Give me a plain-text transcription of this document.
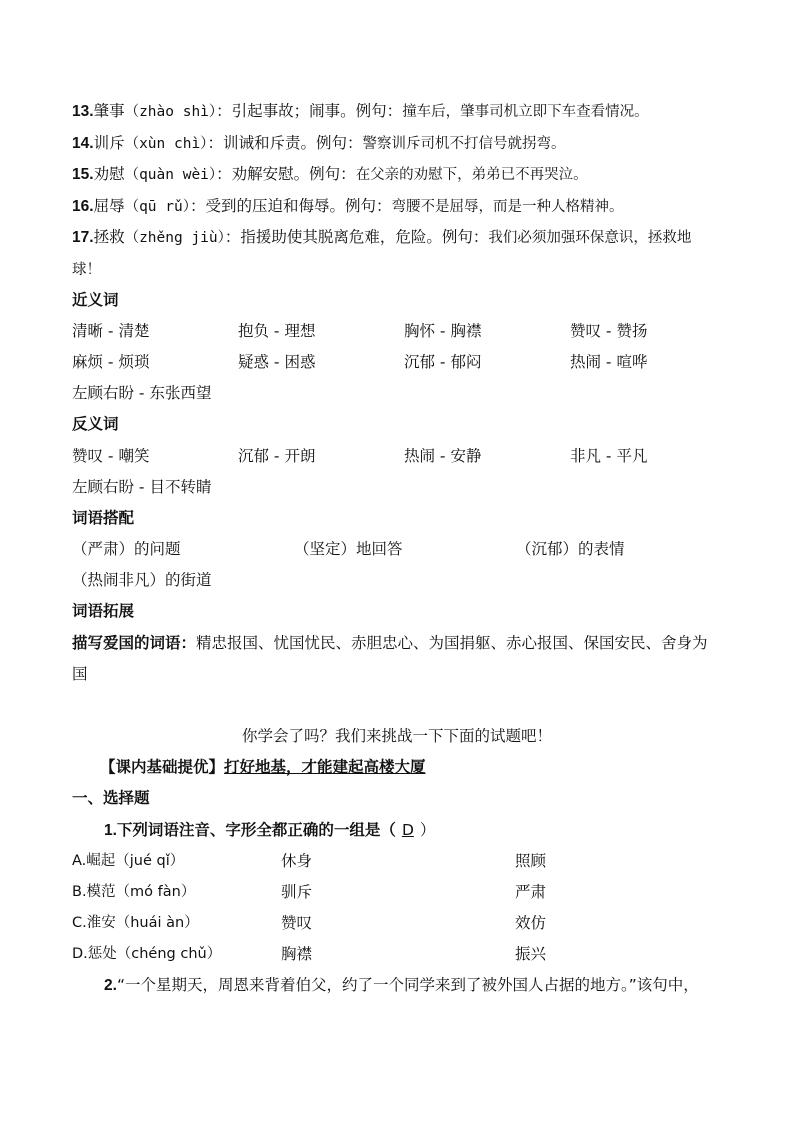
13.肇事（zhào shì）：引起事故；闹事。例句：撞车后，肇事司机立即下车查看情况。
14.训斥（xùn chì）：训诫和斥责。例句：警察训斥司机不打信号就拐弯。
15.劝慰（quàn wèi）：劝解安慰。例句：在父亲的劝慰下，弟弟已不再哭泣。
16.屈辱（qū rǔ）：受到的压迫和侮辱。例句：弯腰不是屈辱，而是一种人格精神。
17.拯救（zhěng jiù）：指援助使其脱离危难，危险。例句：我们必须加强环保意识，拯救地
球！
近义词
清晰 - 清楚	抱负 - 理想	胸怀 - 胸襟	赞叹 - 赞扬
麻烦 - 烦琐	疑惑 - 困惑	沉郁 - 郁闷	热闹 - 喧哗
左顾右盼 - 东张西望
反义词
赞叹 - 嘲笑	沉郁 - 开朗	热闹 - 安静	非凡 - 平凡
左顾右盼 - 目不转睛
词语搭配
（严肃）的问题	（坚定）地回答	（沉郁）的表情
（热闹非凡）的街道
词语拓展
描写爱国的词语：精忠报国、忧国忧民、赤胆忠心、为国捐躯、赤心报国、保国安民、舍身为
国
你学会了吗？我们来挑战一下下面的试题吧！
【课内基础提优】打好地基，才能建起高楼大厦
一、选择题
1.下列词语注音、字形全都正确的一组是（ D ）
A.崛起（jué qǐ）	休身	照顾
B.模范（mó fàn）	驯斥	严肃
C.淮安（huái àn）	赞叹	效仿
D.惩处（chéng chǔ）	胸襟	振兴
2.“一个星期天，周恩来背着伯父，约了一个同学来到了被外国人占据的地方。”该句中，
